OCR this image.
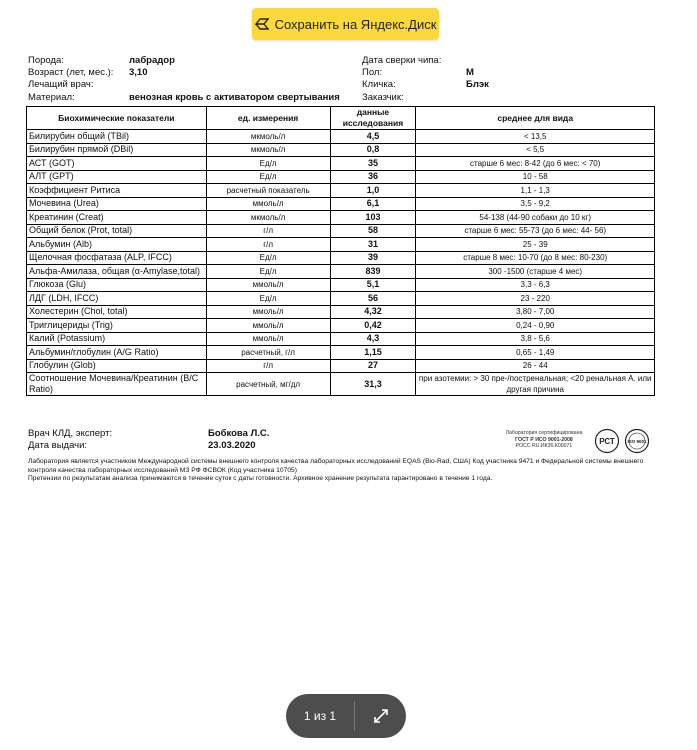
Порода:	лабрадор
Возраст (лет, мес.): 3,10
Лечащий врач:
Материал:	венозная кровь с активатором свертывания
Дата сверки чипа:
Пол:	М
Кличка:	Блэк
Заказчик:
Биохимические показатели	ед. измерения	данные исследования	среднее для вида
Билирубин общий (TBil)	мкмоль/л	4,5	< 13,5
Билирубин прямой (DBil)	мкмоль/л	0,8	< 5,5
АСТ (GOT)	Ед/л	35	старше 6 мес: 8-42 (до 6 мес: < 70)
АЛТ (GPT)	Ед/л	36	10 - 58
Коэффициент Ритиса	расчетный показатель	1,0	1,1 - 1,3
Мочевина (Urea)	ммоль/л	6,1	3,5 - 9,2
Креатинин (Creat)	мкмоль/л	103	54-138 (44-90 собаки до 10 кг)
Общий белок (Prot, total)	г/л	58	старше 6 мес: 55-73 (до 6 мес: 44- 56)
Альбумин (Alb)	г/л	31	25 - 39
Щелочная фосфатаза (ALP, IFCC)	Ед/л	39	старше 8 мес: 10-70 (до 8 мес: 80-230)
Альфа-Амилаза, общая (α-Amylase,total)	Ед/л	839	300 -1500 (старше 4 мес)
Глюкоза (Glu)	ммоль/л	5,1	3,3 - 6,3
ЛДГ (LDH, IFCC)	Ед/л	56	23 - 220
Холестерин (Chol, total)	ммоль/л	4,32	3,80 - 7,00
Триглицериды (Trig)	ммоль/л	0,42	0,24 - 0,90
Калий (Potassium)	ммоль/л	4,3	3,8 - 5,6
Альбумин/глобулин (A/G Ratio)	расчетный, г/л	1,15	0,65 - 1,49
Глобулин (Glob)	г/л	27	26 - 44
Соотношение Мочевина/Креатинин (B/C Ratio)	расчетный, мг/дл	31,3	при азотемии: > 30 пре-/постренальная; <20 ренальная А. или другая причина
Врач КЛД, эксперт:	Бобкова Л.С.
Дата выдачи:	23.03.2020
Лаборатория сертифицирована
ГОСТ Р ИСО 9001-2008
РОСС RU.ИК36.К00071	РСТ	ISO 9001
Лаборатория является участником Международной системы внешнего контроля качества лабораторных исследований EQAS (Bio-Rad, США) Код участника 9471 и Федеральной системы внешнего контроля качества лабораторных исследований МЗ РФ ФСВОК (Код участника 10705)
Претензии по результатам анализа принимаются в течение суток с даты готовности. Архивное хранение результата гарантировано в течение 1 года.
Сохранить на Яндекс.Диск
1 из 1
